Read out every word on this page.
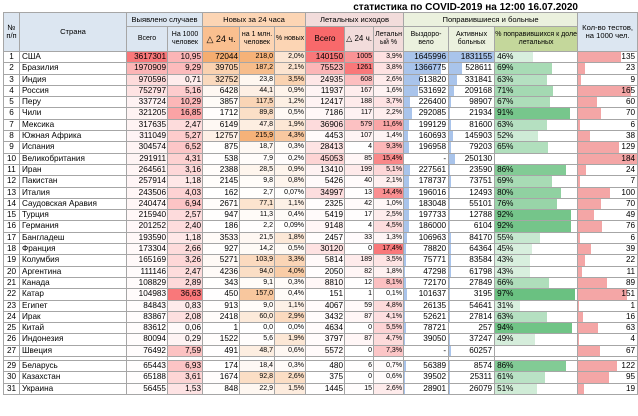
статистика по COVID-2019 на 12:00 16.07.2020
№ п/п	Страна	Выявлено случаев		Новых за 24 часа			Летальных исходов			Поправившиеся и больные			Кол-во тестов, на 1000 чел.
		Всего	На 1000 человек	△ 24 ч.	на 1 млн. человек	% новых	Всего	△ 24 ч.	Летальн ый %	Выздоро- вело	Активных больных	% поправившихся к доле летальных	
1	США	3617301	10,95	72044	218,0	2,0%	140150	1005	3,9%	1645996	1831155	46%	135

2	Бразилия	1970909	9,29	39705	187,2	2,1%	75523	1261	3,8%	1366775	528611	69%	23

3	Индия	970596	0,71	32752	23,8	3,5%	24935	608	2,6%	613820	331841	63%	9

4	Россия	752797	5,16	6428	44,1	0,9%	11937	167	1,6%	531692	209168	71%	165

5	Перу	337724	10,29	3857	117,5	1,2%	12417	188	3,7%	226400	98907	67%	60

6	Чили	321205	16,85	1712	89,8	0,5%	7186	117	2,2%	292085	21934	91%	70

7	Мексика	317635	2,47	6149	47,8	1,9%	36906	579	11,6%	199129	81600	63%	6

8	Южная Африка	311049	5,27	12757	215,9	4,3%	4453	107	1,4%	160693	145903	52%	38

9	Испания	304574	6,52	875	18,7	0,3%	28413	4	9,3%	196958	79203	65%	129

10	Великобритания	291911	4,31	538	7,9	0,2%	45053	85	15,4%	-	250130		184

11	Иран	264561	3,16	2388	28,5	0,9%	13410	199	5,1%	227561	23590	86%	24

12	Пакистан	257914	1,18	2145	9,8	0,8%	5426	40	2,1%	178737	73751	69%	7

13	Италия	243506	4,03	162	2,7	0,07%	34997	13	14,4%	196016	12493	80%	100

14	Саудовская Аравия	240474	6,94	2671	77,1	1,1%	2325	42	1,0%	183048	55101	76%	70

15	Турция	215940	2,57	947	11,3	0,4%	5419	17	2,5%	197733	12788	92%	49

16	Германия	201252	2,40	186	2,2	0,09%	9148	4	4,5%	186000	6104	92%	76

17	Бангладеш	193590	1,18	3533	21,5	1,8%	2457	33	1,3%	106963	84170	55%	6

18	Франция	173304	2,66	927	14,2	0,5%	30120	0	17,4%	78820	64364	45%	39

19	Колумбия	165169	3,26	5271	103,9	3,3%	5814	189	3,5%	75771	83584	43%	22

20	Аргентина	111146	2,47	4236	94,0	4,0%	2050	82	1,8%	47298	61798	43%	11

21	Канада	108829	2,89	343	9,1	0,3%	8810	12	8,1%	72170	27849	66%	89

22	Катар	104983	36,63	450	157,0	0,4%	151	1	0,1%	101637	3195	97%	151

23	Египет	84843	0,83	913	9,0	1,1%	4067	59	4,8%	26135	54641	31%	1

24	Ирак	83867	2,08	2418	60,0	2,9%	3432	87	4,1%	52621	27814	63%	16

25	Китай	83612	0,06	1	0,0	0,0%	4634	0	5,5%	78721	257	94%	63

26	Индонезия	80094	0,29	1522	5,6	1,9%	3797	87	4,7%	39050	37247	49%	4

27	Швеция	76492	7,59	491	48,7	0,6%	5572	0	7,3%	-	60257		67

29	Беларусь	65443	6,93	174	18,4	0,3%	480	6	0,7%	56389	8574	86%	122

30	Казахстан	65188	3,61	1674	92,8	2,6%	375	0	0,6%	39502	25311	61%	95

31	Украина	56455	1,53	848	22,9	1,5%	1445	15	2,6%	28901	26079	51%	19
